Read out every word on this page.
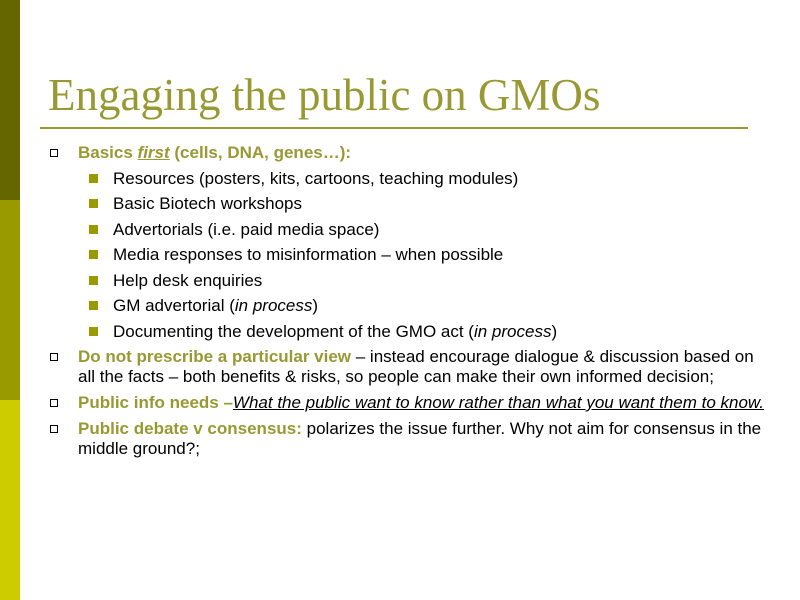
Engaging the public on GMOs
Basics first (cells, DNA, genes…):
Resources (posters, kits, cartoons, teaching modules)
Basic Biotech workshops
Advertorials (i.e. paid media space)
Media responses to misinformation – when possible
Help desk enquiries
GM advertorial (in process)
Documenting the development of the GMO act (in process)
Do not prescribe a particular view – instead encourage dialogue & discussion based on
all the facts – both benefits & risks, so people can make their own informed decision;
Public info needs –What the public want to know rather than what you want them to know.
Public debate v consensus: polarizes the issue further. Why not aim for consensus in the
middle ground?;
